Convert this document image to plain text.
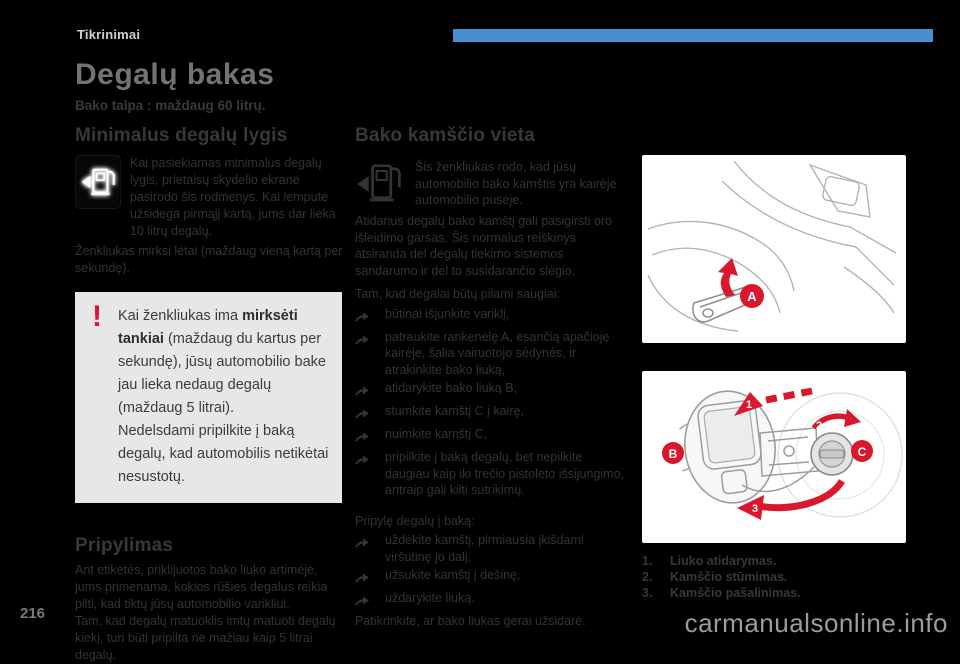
Tikrinimai
Degalų bakas
Bako talpa : maždaug 60 litrų.
Minimalus degalų lygis

Kai pasiekiamas minimalus degalų lygis, prietaisų skydelio ekrane pasirodo šis rodmenys. Kai lemputė užsidega pirmąjį kartą, jums dar lieka 10 litrų degalų.

Ženkliukas mirksi lėtai (maždaug vieną kartą per sekundę).

! Kai ženkliukas ima mirksėti tankiai (maždaug du kartus per sekundę), jūsų automobilio bake jau lieka nedaug degalų (maždaug 5 litrai).

Nedelsdami pripilkite į baką degalų, kad automobilis netikėtai nesustotų.

Pripylimas

Ant etiketės, priklijuotos bako liuko artimėje, jums primenama, kokios rūšies degalus reikia pilti, kad tiktų jūsų automobilio varikliui.

Tam, kad degalų matuoklis imtų matuoti degalų kiekį, turi būti pripilta ne mažiau kaip 5 litrai degalų.

Bako kamščio vieta

Šis ženkliukas rodo, kad jūsų automobilio bako kamštis yra kairėje automobilio pusėje.

Atidarius degalų bako kamštį gali pasigirsti oro išleidimo garsas. Šis normalus reiškinys atsiranda dėl degalų tiekimo sistemos sandarumo ir dėl to susidarančio slėgio.

Tam, kad degalai būtų pilami saugiai:

būtinai išjunkite variklį,
patraukite rankenėlę A, esančią apačioje kairėje, šalia vairuotojo sėdynės, ir atrakinkite bako liuką,
atidarykite bako liuką B,
stumkite kamštį C į kairę,
nuimkite kamštį C,
pripilkite į baką degalų, bet nepilkite daugiau kaip iki trečio pistoleto išsijungimo, antraip gali kilti sutrikimų.

Pripylę degalų į baką:

uždėkite kamštį, pirmiausia įkišdami viršutinę jo dalį,
užsukite kamštį į dešinę,
uždarykite liuką.

Patikrinkite, ar bako liukas gerai užsidarė.

A
1
2
3
B	C
1.	Liuko atidarymas.
2.	Kamščio stūmimas.
3.	Kamščio pašalinimas.
216	carmanualsonline.info
